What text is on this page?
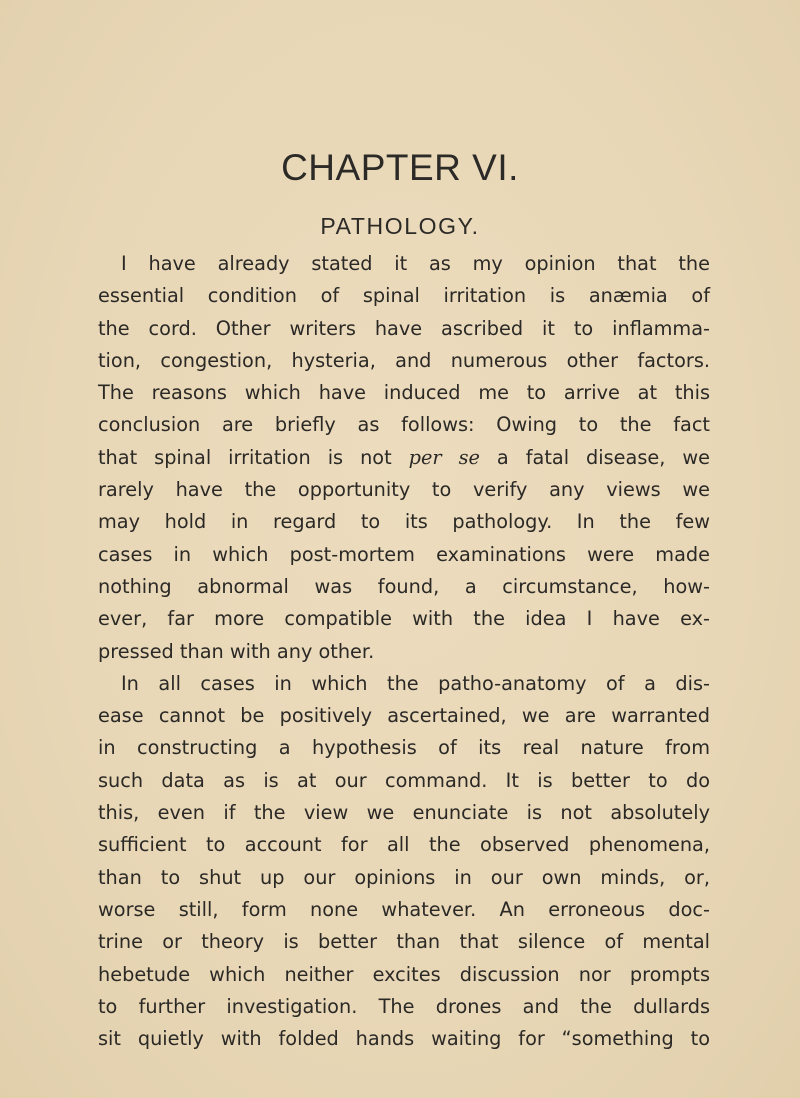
CHAPTER VI.
PATHOLOGY.
I have already stated it as my opinion that the
essential condition of spinal irritation is anæmia of
the cord. Other writers have ascribed it to inflamma-
tion, congestion, hysteria, and numerous other factors.
The reasons which have induced me to arrive at this
conclusion are briefly as follows: Owing to the fact
that spinal irritation is not per se a fatal disease, we
rarely have the opportunity to verify any views we
may hold in regard to its pathology. In the few
cases in which post-mortem examinations were made
nothing abnormal was found, a circumstance, how-
ever, far more compatible with the idea I have ex-
pressed than with any other.
In all cases in which the patho-anatomy of a dis-
ease cannot be positively ascertained, we are warranted
in constructing a hypothesis of its real nature from
such data as is at our command. It is better to do
this, even if the view we enunciate is not absolutely
sufficient to account for all the observed phenomena,
than to shut up our opinions in our own minds, or,
worse still, form none whatever. An erroneous doc-
trine or theory is better than that silence of mental
hebetude which neither excites discussion nor prompts
to further investigation. The drones and the dullards
sit quietly with folded hands waiting for “something to
